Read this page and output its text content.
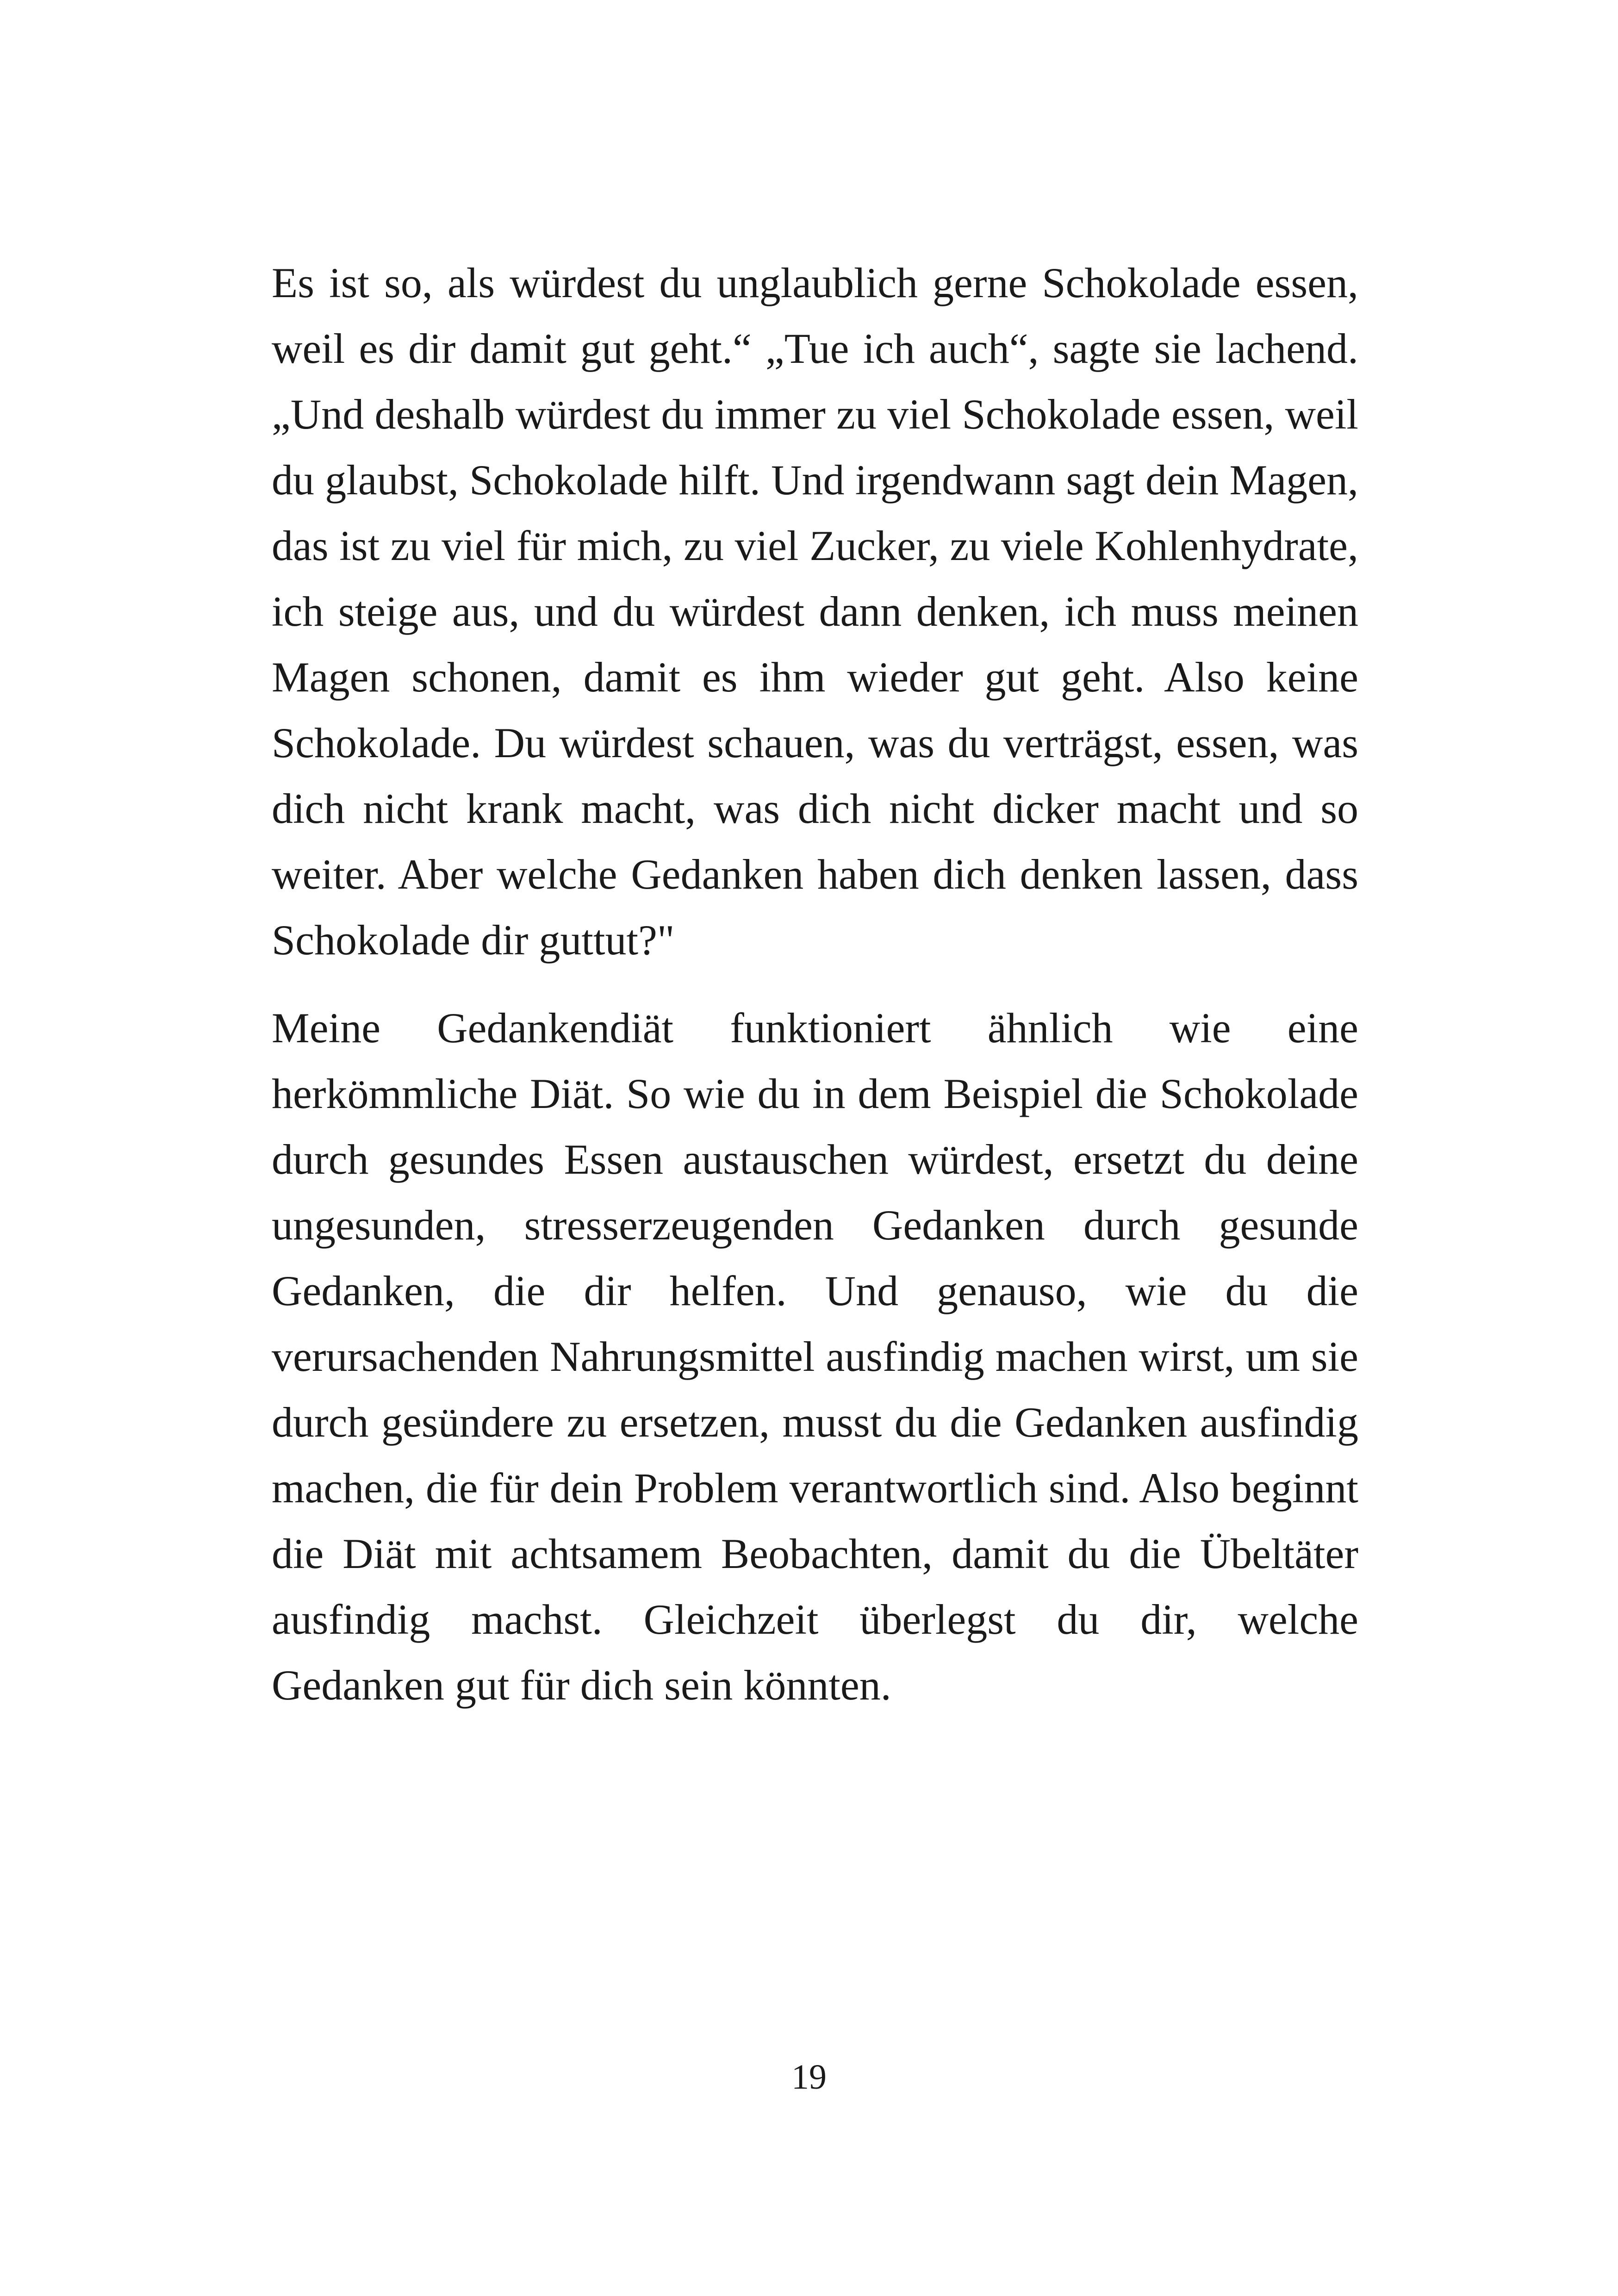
Es ist so, als würdest du unglaublich gerne Schokolade essen, weil es dir damit gut geht.“ „Tue ich auch“, sagte sie lachend. „Und deshalb würdest du immer zu viel Schokolade essen, weil du glaubst, Schokolade hilft. Und irgendwann sagt dein Magen, das ist zu viel für mich, zu viel Zucker, zu viele Kohlenhydrate, ich steige aus, und du würdest dann denken, ich muss meinen Magen schonen, damit es ihm wieder gut geht. Also keine Schokolade. Du würdest schauen, was du verträgst, essen, was dich nicht krank macht, was dich nicht dicker macht und so weiter. Aber welche Gedanken haben dich denken lassen, dass Schokolade dir guttut?"

Meine Gedankendiät funktioniert ähnlich wie eine herkömmliche Diät. So wie du in dem Beispiel die Schokolade durch gesundes Essen austauschen würdest, ersetzt du deine ungesunden, stresserzeugenden Gedanken durch gesunde Gedanken, die dir helfen. Und genauso, wie du die verursachenden Nahrungsmittel ausfindig machen wirst, um sie durch gesündere zu ersetzen, musst du die Gedanken ausfindig machen, die für dein Problem verantwortlich sind. Also beginnt die Diät mit achtsamem Beobachten, damit du die Übeltäter ausfindig machst. Gleichzeit überlegst du dir, welche Gedanken gut für dich sein könnten.

19
